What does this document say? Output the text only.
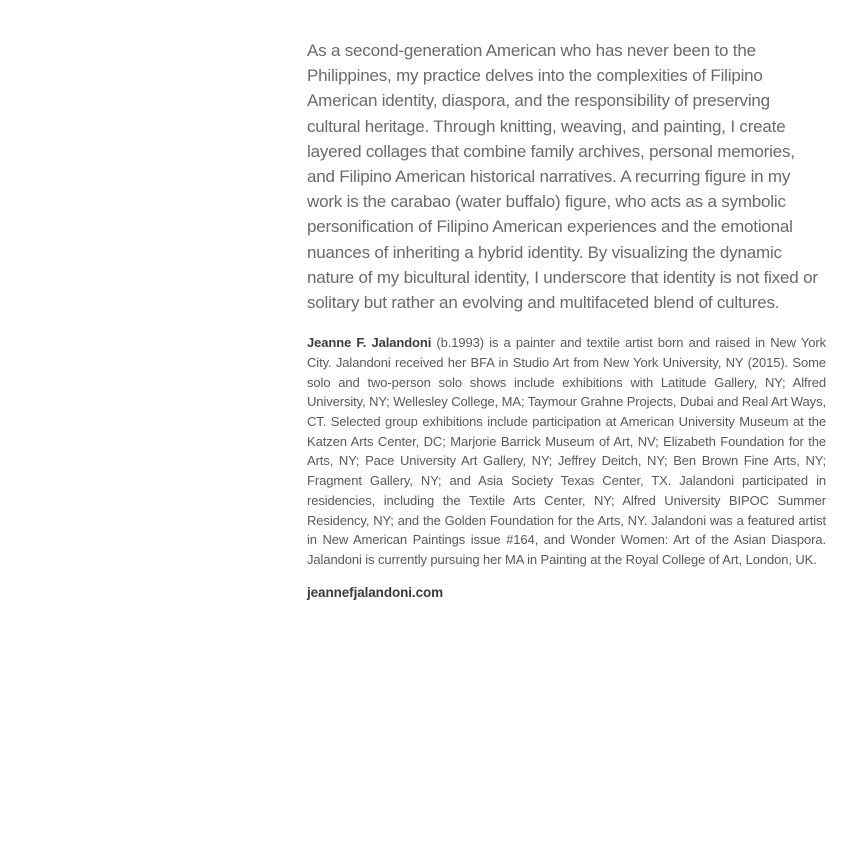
As a second-generation American who has never been to the Philippines, my practice delves into the complexities of Filipino American identity, diaspora, and the responsibility of preserving cultural heritage. Through knitting, weaving, and painting, I create layered collages that combine family archives, personal memories, and Filipino American historical narratives. A recurring figure in my work is the carabao (water buffalo) figure, who acts as a symbolic personification of Filipino American experiences and the emotional nuances of inheriting a hybrid identity. By visualizing the dynamic nature of my bicultural identity, I underscore that identity is not fixed or solitary but rather an evolving and multifaceted blend of cultures.

Jeanne F. Jalandoni (b.1993) is a painter and textile artist born and raised in New York City. Jalandoni received her BFA in Studio Art from New York University, NY (2015). Some solo and two-person solo shows include exhibitions with Latitude Gallery, NY; Alfred University, NY; Wellesley College, MA; Taymour Grahne Projects, Dubai and Real Art Ways, CT. Selected group exhibitions include participation at American University Museum at the Katzen Arts Center, DC; Marjorie Barrick Museum of Art, NV; Elizabeth Foundation for the Arts, NY; Pace University Art Gallery, NY; Jeffrey Deitch, NY; Ben Brown Fine Arts, NY; Fragment Gallery, NY; and Asia Society Texas Center, TX. Jalandoni participated in residencies, including the Textile Arts Center, NY; Alfred University BIPOC Summer Residency, NY; and the Golden Foundation for the Arts, NY. Jalandoni was a featured artist in New American Paintings issue #164, and Wonder Women: Art of the Asian Diaspora. Jalandoni is currently pursuing her MA in Painting at the Royal College of Art, London, UK.

jeannefjalandoni.com
